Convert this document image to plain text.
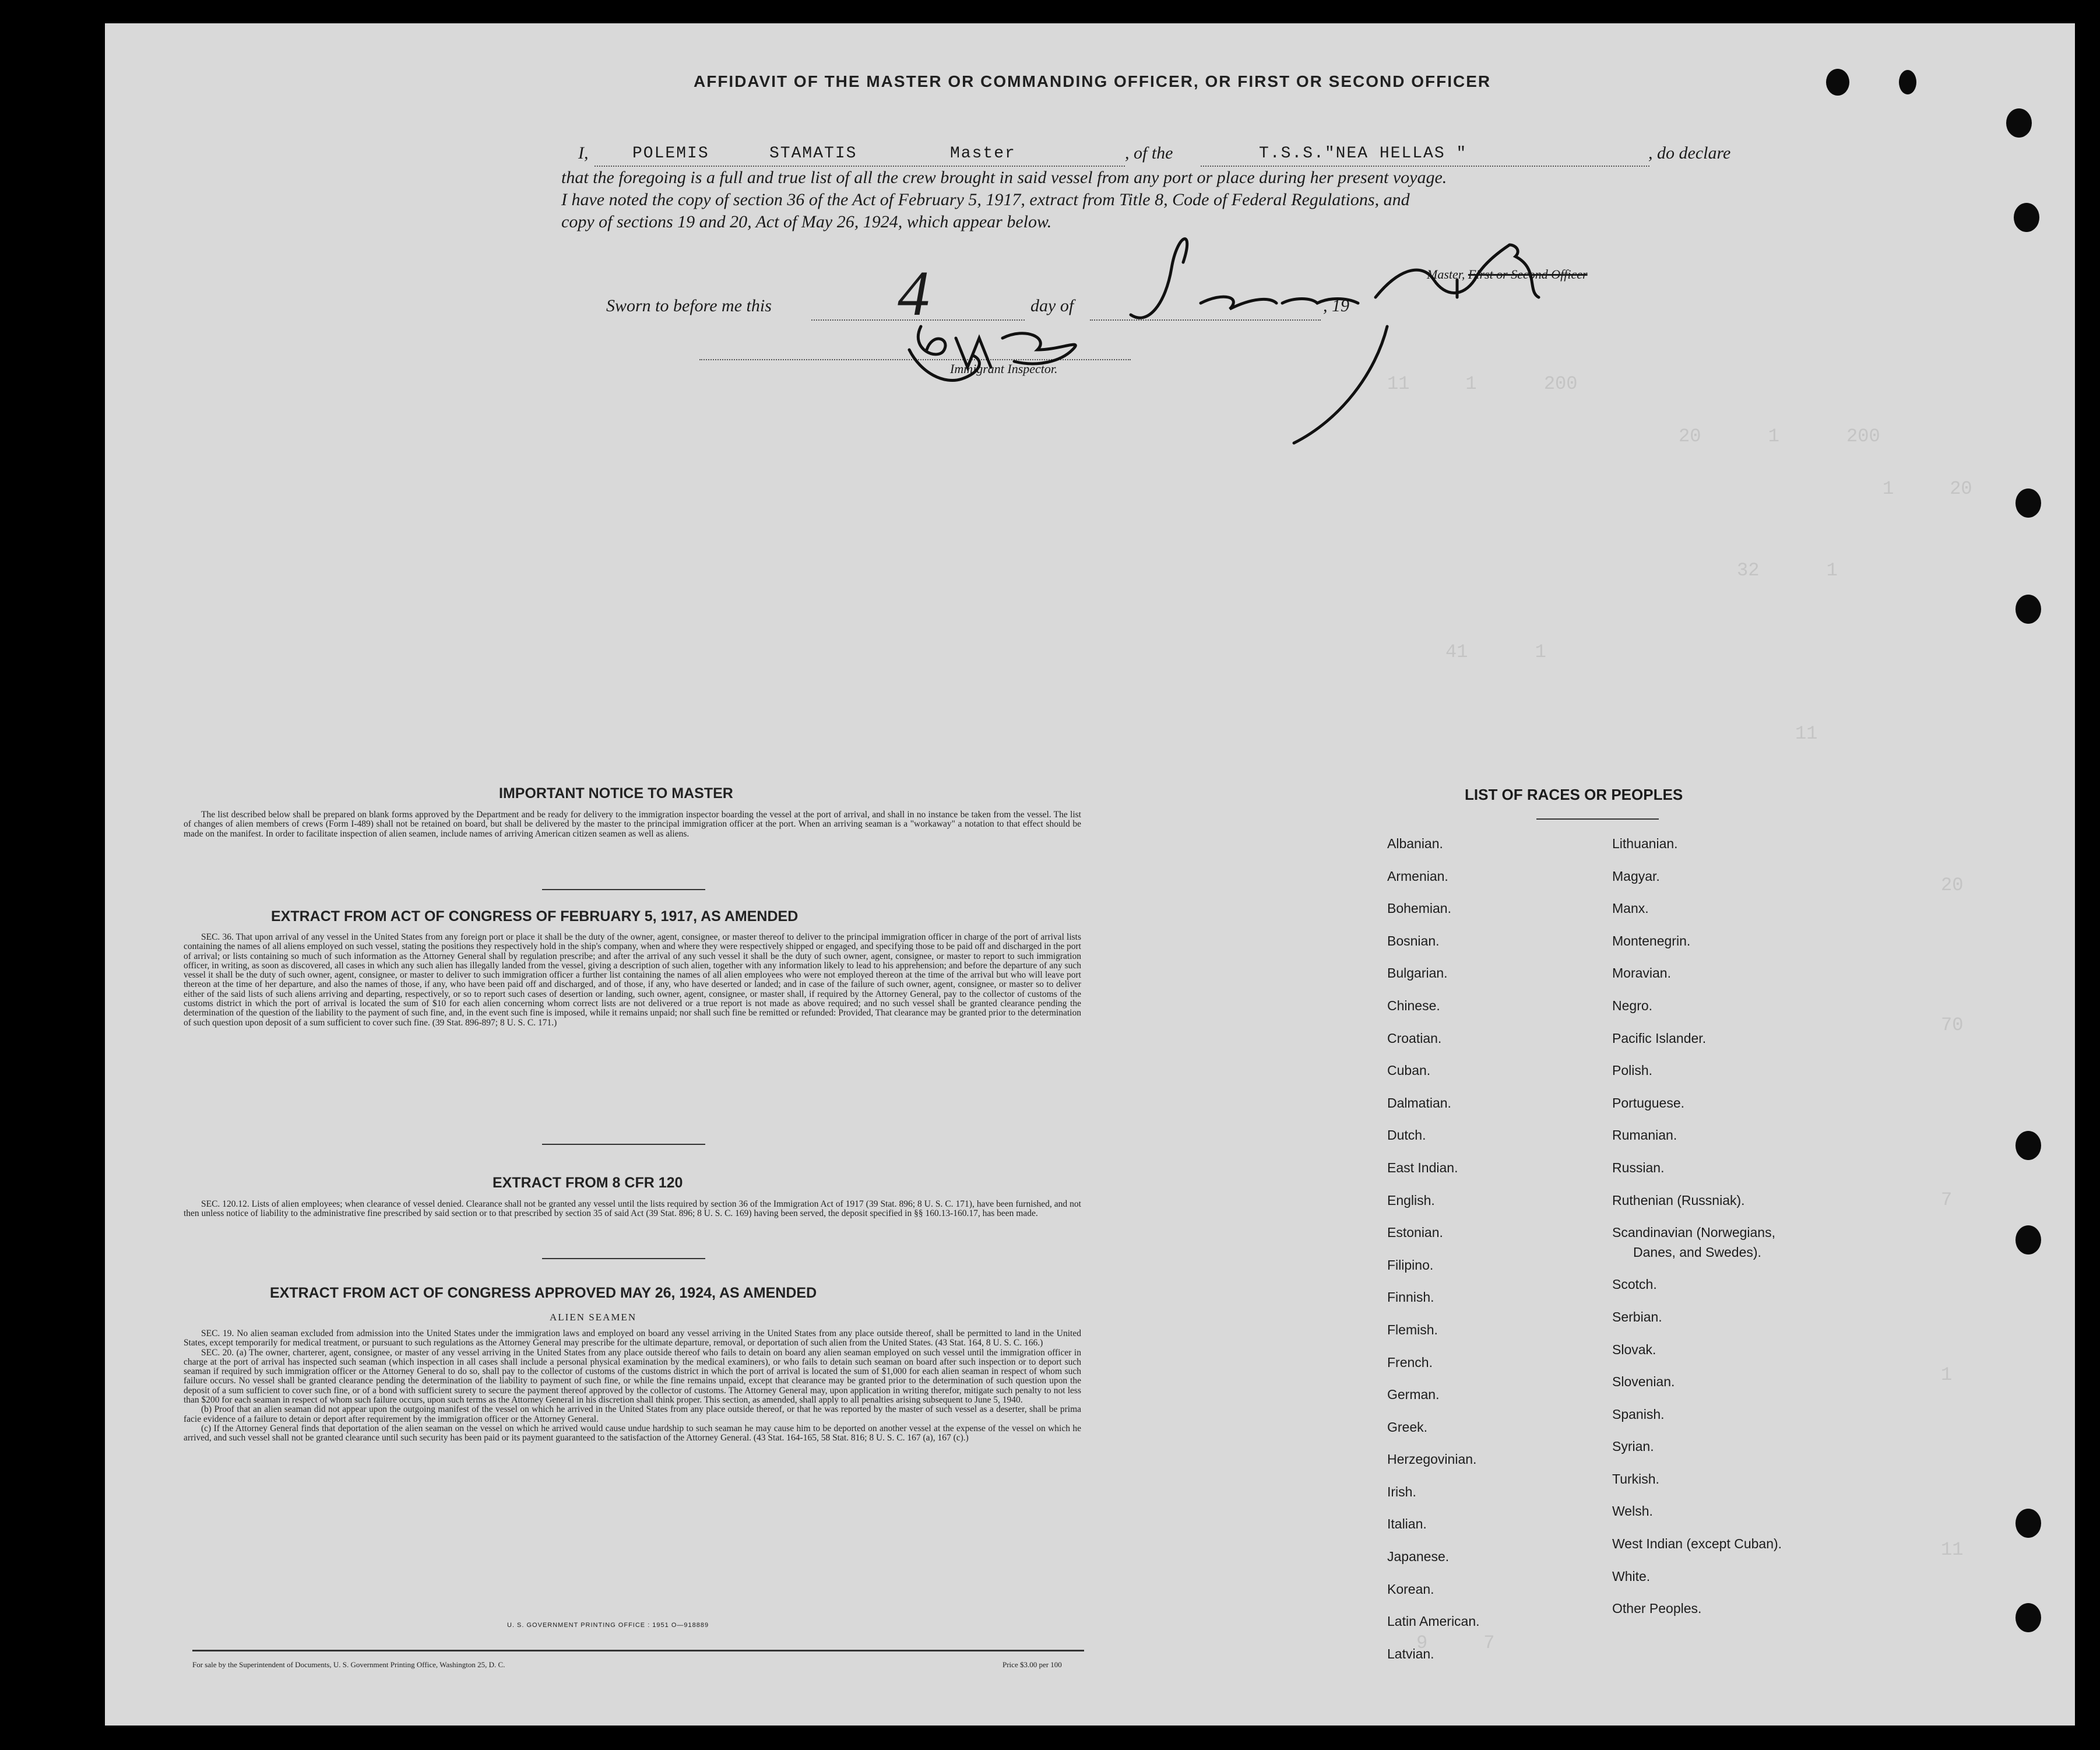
11     1      200
20      1      200
1     20
32      1
41      1
11
20
70
7
1
11
9     7
AFFIDAVIT OF THE MASTER OR COMMANDING OFFICER, OR FIRST OR SECOND OFFICER
I,	POLEMIS	STAMATIS	Master	, of the	T.S.S."NEA HELLAS "	, do declare
that the foregoing is a full and true list of all the crew brought in said vessel from any port or place during her present voyage.
I have noted the copy of section 36 of the Act of February 5, 1917, extract from Title 8, Code of Federal Regulations, and
copy of sections 19 and 20, Act of May 26, 1924, which appear below.
Sworn to before me this 4	day of	, 19
Master, First or Second Officer
Immigrant Inspector.
IMPORTANT NOTICE TO MASTER

The list described below shall be prepared on blank forms approved by the Department and be ready for delivery to the immigration inspector boarding the vessel at the port of arrival, and shall in no instance be taken from the vessel. The list of changes of alien members of crews (Form I-489) shall not be retained on board, but shall be delivered by the master to the principal immigration officer at the port. When an arriving seaman is a "workaway" a notation to that effect should be made on the manifest. In order to facilitate inspection of alien seamen, include names of arriving American citizen seamen as well as aliens.

EXTRACT FROM ACT OF CONGRESS OF FEBRUARY 5, 1917, AS AMENDED

SEC. 36. That upon arrival of any vessel in the United States from any foreign port or place it shall be the duty of the owner, agent, consignee, or master thereof to deliver to the principal immigration officer in charge of the port of arrival lists containing the names of all aliens employed on such vessel, stating the positions they respectively hold in the ship's company, when and where they were respectively shipped or engaged, and specifying those to be paid off and discharged in the port of arrival; or lists containing so much of such information as the Attorney General shall by regulation prescribe; and after the arrival of any such vessel it shall be the duty of such owner, agent, consignee, or master to report to such immigration officer, in writing, as soon as discovered, all cases in which any such alien has illegally landed from the vessel, giving a description of such alien, together with any information likely to lead to his apprehension; and before the departure of any such vessel it shall be the duty of such owner, agent, consignee, or master to deliver to such immigration officer a further list containing the names of all alien employees who were not employed thereon at the time of the arrival but who will leave port thereon at the time of her departure, and also the names of those, if any, who have been paid off and discharged, and of those, if any, who have deserted or landed; and in case of the failure of such owner, agent, consignee, or master so to deliver either of the said lists of such aliens arriving and departing, respectively, or so to report such cases of desertion or landing, such owner, agent, consignee, or master shall, if required by the Attorney General, pay to the collector of customs of the customs district in which the port of arrival is located the sum of $10 for each alien concerning whom correct lists are not delivered or a true report is not made as above required; and no such vessel shall be granted clearance pending the determination of the question of the liability to the payment of such fine, and, in the event such fine is imposed, while it remains unpaid; nor shall such fine be remitted or refunded: Provided, That clearance may be granted prior to the determination of such question upon deposit of a sum sufficient to cover such fine. (39 Stat. 896-897; 8 U. S. C. 171.)

EXTRACT FROM 8 CFR 120

SEC. 120.12. Lists of alien employees; when clearance of vessel denied. Clearance shall not be granted any vessel until the lists required by section 36 of the Immigration Act of 1917 (39 Stat. 896; 8 U. S. C. 171), have been furnished, and not then unless notice of liability to the administrative fine prescribed by said section or to that prescribed by section 35 of said Act (39 Stat. 896; 8 U. S. C. 169) having been served, the deposit specified in §§ 160.13-160.17, has been made.

EXTRACT FROM ACT OF CONGRESS APPROVED MAY 26, 1924, AS AMENDED
ALIEN SEAMEN

SEC. 19. No alien seaman excluded from admission into the United States under the immigration laws and employed on board any vessel arriving in the United States from any place outside thereof, shall be permitted to land in the United States, except temporarily for medical treatment, or pursuant to such regulations as the Attorney General may prescribe for the ultimate departure, removal, or deportation of such alien from the United States. (43 Stat. 164, 8 U. S. C. 166.)

SEC. 20. (a) The owner, charterer, agent, consignee, or master of any vessel arriving in the United States from any place outside thereof who fails to detain on board any alien seaman employed on such vessel until the immigration officer in charge at the port of arrival has inspected such seaman (which inspection in all cases shall include a personal physical examination by the medical examiners), or who fails to detain such seaman on board after such inspection or to deport such seaman if required by such immigration officer or the Attorney General to do so, shall pay to the collector of customs of the customs district in which the port of arrival is located the sum of $1,000 for each alien seaman in respect of whom such failure occurs. No vessel shall be granted clearance pending the determination of the liability to payment of such fine, or while the fine remains unpaid, except that clearance may be granted prior to the determination of such question upon the deposit of a sum sufficient to cover such fine, or of a bond with sufficient surety to secure the payment thereof approved by the collector of customs. The Attorney General may, upon application in writing therefor, mitigate such penalty to not less than $200 for each seaman in respect of whom such failure occurs, upon such terms as the Attorney General in his discretion shall think proper. This section, as amended, shall apply to all penalties arising subsequent to June 5, 1940.

(b) Proof that an alien seaman did not appear upon the outgoing manifest of the vessel on which he arrived in the United States from any place outside thereof, or that he was reported by the master of such vessel as a deserter, shall be prima facie evidence of a failure to detain or deport after requirement by the immigration officer or the Attorney General.

(c) If the Attorney General finds that deportation of the alien seaman on the vessel on which he arrived would cause undue hardship to such seaman he may cause him to be deported on another vessel at the expense of the vessel on which he arrived, and such vessel shall not be granted clearance until such security has been paid or its payment guaranteed to the satisfaction of the Attorney General. (43 Stat. 164-165, 58 Stat. 816; 8 U. S. C. 167 (a), 167 (c).)

U. S. GOVERNMENT PRINTING OFFICE : 1951 O—918889
For sale by the Superintendent of Documents, U. S. Government Printing Office, Washington 25, D. C.	Price $3.00 per 100
LIST OF RACES OR PEOPLES
Albanian.
Armenian.
Bohemian.
Bosnian.
Bulgarian.
Chinese.
Croatian.
Cuban.
Dalmatian.
Dutch.
East Indian.
English.
Estonian.
Filipino.
Finnish.
Flemish.
French.
German.
Greek.
Herzegovinian.
Irish.
Italian.
Japanese.
Korean.
Latin American.
Latvian.
Lithuanian.
Magyar.
Manx.
Montenegrin.
Moravian.
Negro.
Pacific Islander.
Polish.
Portuguese.
Rumanian.
Russian.
Ruthenian (Russniak).
Scandinavian (Norwegians,
Danes, and Swedes).
Scotch.
Serbian.
Slovak.
Slovenian.
Spanish.
Syrian.
Turkish.
Welsh.
West Indian (except Cuban).
White.
Other Peoples.
